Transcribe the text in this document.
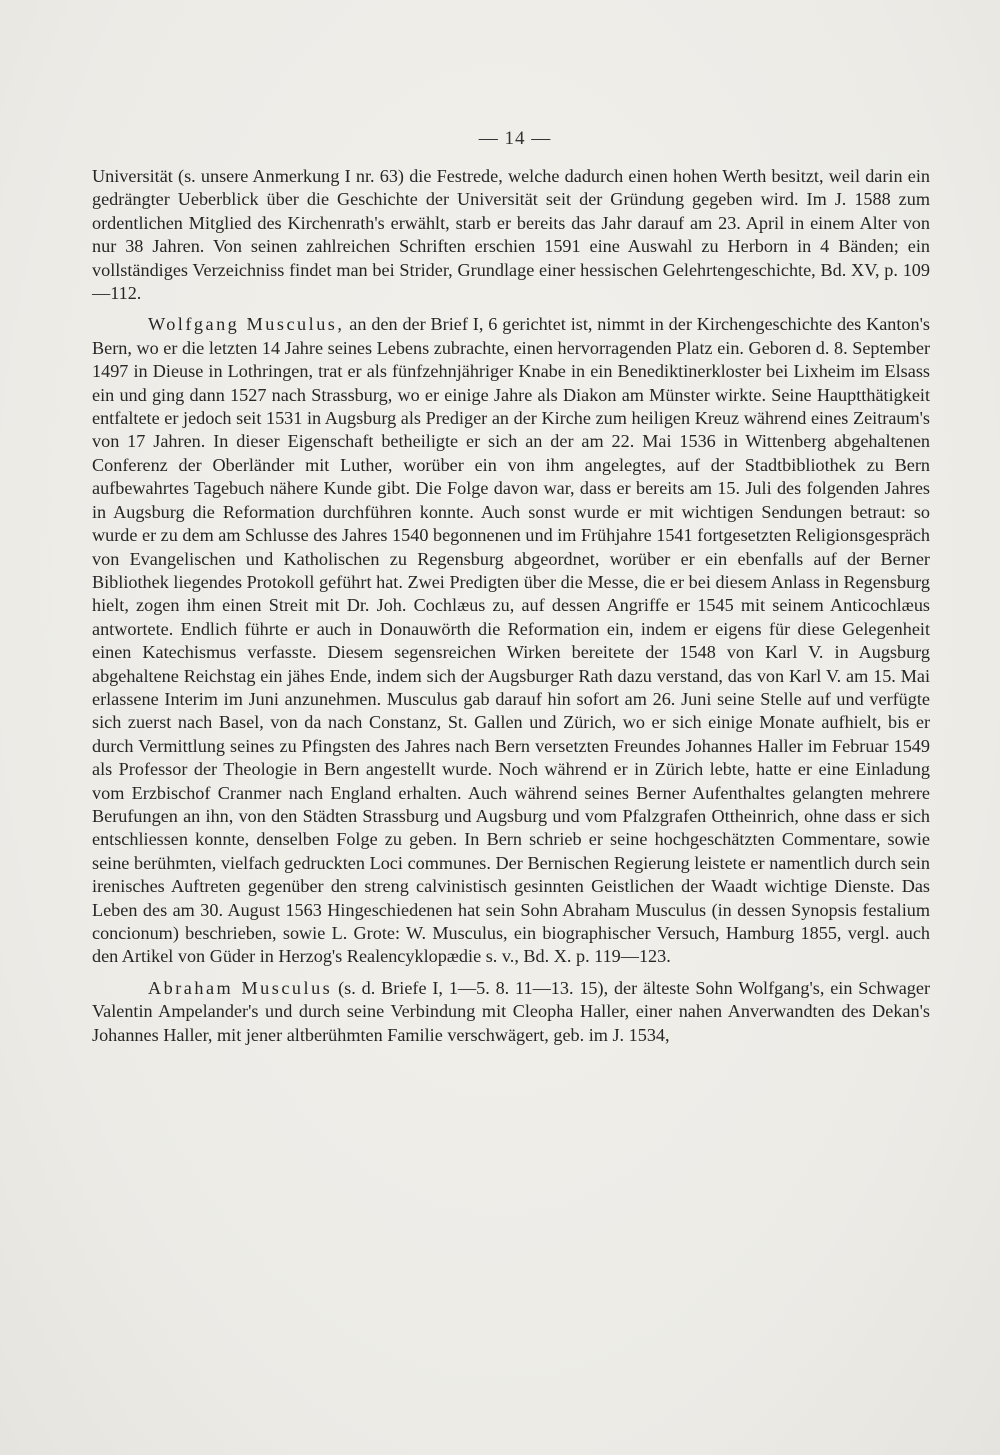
— 14 —

Universität (s. unsere Anmerkung I nr. 63) die Festrede, welche dadurch einen hohen Werth besitzt, weil darin ein gedrängter Ueberblick über die Geschichte der Universität seit der Gründung gegeben wird. Im J. 1588 zum ordentlichen Mitglied des Kirchenrath's erwählt, starb er bereits das Jahr darauf am 23. April in einem Alter von nur 38 Jahren. Von seinen zahlreichen Schriften erschien 1591 eine Auswahl zu Herborn in 4 Bänden; ein vollständiges Verzeichniss findet man bei Strider, Grundlage einer hessischen Gelehrtengeschichte, Bd. XV, p. 109—112.

Wolfgang Musculus, an den der Brief I, 6 gerichtet ist, nimmt in der Kirchengeschichte des Kanton's Bern, wo er die letzten 14 Jahre seines Lebens zubrachte, einen hervorragenden Platz ein. Geboren d. 8. September 1497 in Dieuse in Lothringen, trat er als fünfzehnjähriger Knabe in ein Benediktinerkloster bei Lixheim im Elsass ein und ging dann 1527 nach Strassburg, wo er einige Jahre als Diakon am Münster wirkte. Seine Hauptthätigkeit entfaltete er jedoch seit 1531 in Augsburg als Prediger an der Kirche zum heiligen Kreuz während eines Zeitraum's von 17 Jahren. In dieser Eigenschaft betheiligte er sich an der am 22. Mai 1536 in Wittenberg abgehaltenen Conferenz der Oberländer mit Luther, worüber ein von ihm angelegtes, auf der Stadtbibliothek zu Bern aufbewahrtes Tagebuch nähere Kunde gibt. Die Folge davon war, dass er bereits am 15. Juli des folgenden Jahres in Augsburg die Reformation durchführen konnte. Auch sonst wurde er mit wichtigen Sendungen betraut: so wurde er zu dem am Schlusse des Jahres 1540 begonnenen und im Frühjahre 1541 fortgesetzten Religionsgespräch von Evangelischen und Katholischen zu Regensburg abgeordnet, worüber er ein ebenfalls auf der Berner Bibliothek liegendes Protokoll geführt hat. Zwei Predigten über die Messe, die er bei diesem Anlass in Regensburg hielt, zogen ihm einen Streit mit Dr. Joh. Cochlæus zu, auf dessen Angriffe er 1545 mit seinem Anticochlæus antwortete. Endlich führte er auch in Donauwörth die Reformation ein, indem er eigens für diese Gelegenheit einen Katechismus verfasste. Diesem segensreichen Wirken bereitete der 1548 von Karl V. in Augsburg abgehaltene Reichstag ein jähes Ende, indem sich der Augsburger Rath dazu verstand, das von Karl V. am 15. Mai erlassene Interim im Juni anzunehmen. Musculus gab darauf hin sofort am 26. Juni seine Stelle auf und verfügte sich zuerst nach Basel, von da nach Constanz, St. Gallen und Zürich, wo er sich einige Monate aufhielt, bis er durch Vermittlung seines zu Pfingsten des Jahres nach Bern versetzten Freundes Johannes Haller im Februar 1549 als Professor der Theologie in Bern angestellt wurde. Noch während er in Zürich lebte, hatte er eine Einladung vom Erzbischof Cranmer nach England erhalten. Auch während seines Berner Aufenthaltes gelangten mehrere Berufungen an ihn, von den Städten Strassburg und Augsburg und vom Pfalzgrafen Ottheinrich, ohne dass er sich entschliessen konnte, denselben Folge zu geben. In Bern schrieb er seine hochgeschätzten Commentare, sowie seine berühmten, vielfach gedruckten Loci communes. Der Bernischen Regierung leistete er namentlich durch sein irenisches Auftreten gegenüber den streng calvinistisch gesinnten Geistlichen der Waadt wichtige Dienste. Das Leben des am 30. August 1563 Hingeschiedenen hat sein Sohn Abraham Musculus (in dessen Synopsis festalium concionum) beschrieben, sowie L. Grote: W. Musculus, ein biographischer Versuch, Hamburg 1855, vergl. auch den Artikel von Güder in Herzog's Realencyklopædie s. v., Bd. X. p. 119—123.

Abraham Musculus (s. d. Briefe I, 1—5. 8. 11—13. 15), der älteste Sohn Wolfgang's, ein Schwager Valentin Ampelander's und durch seine Verbindung mit Cleopha Haller, einer nahen Anverwandten des Dekan's Johannes Haller, mit jener altberühmten Familie verschwägert, geb. im J. 1534,
